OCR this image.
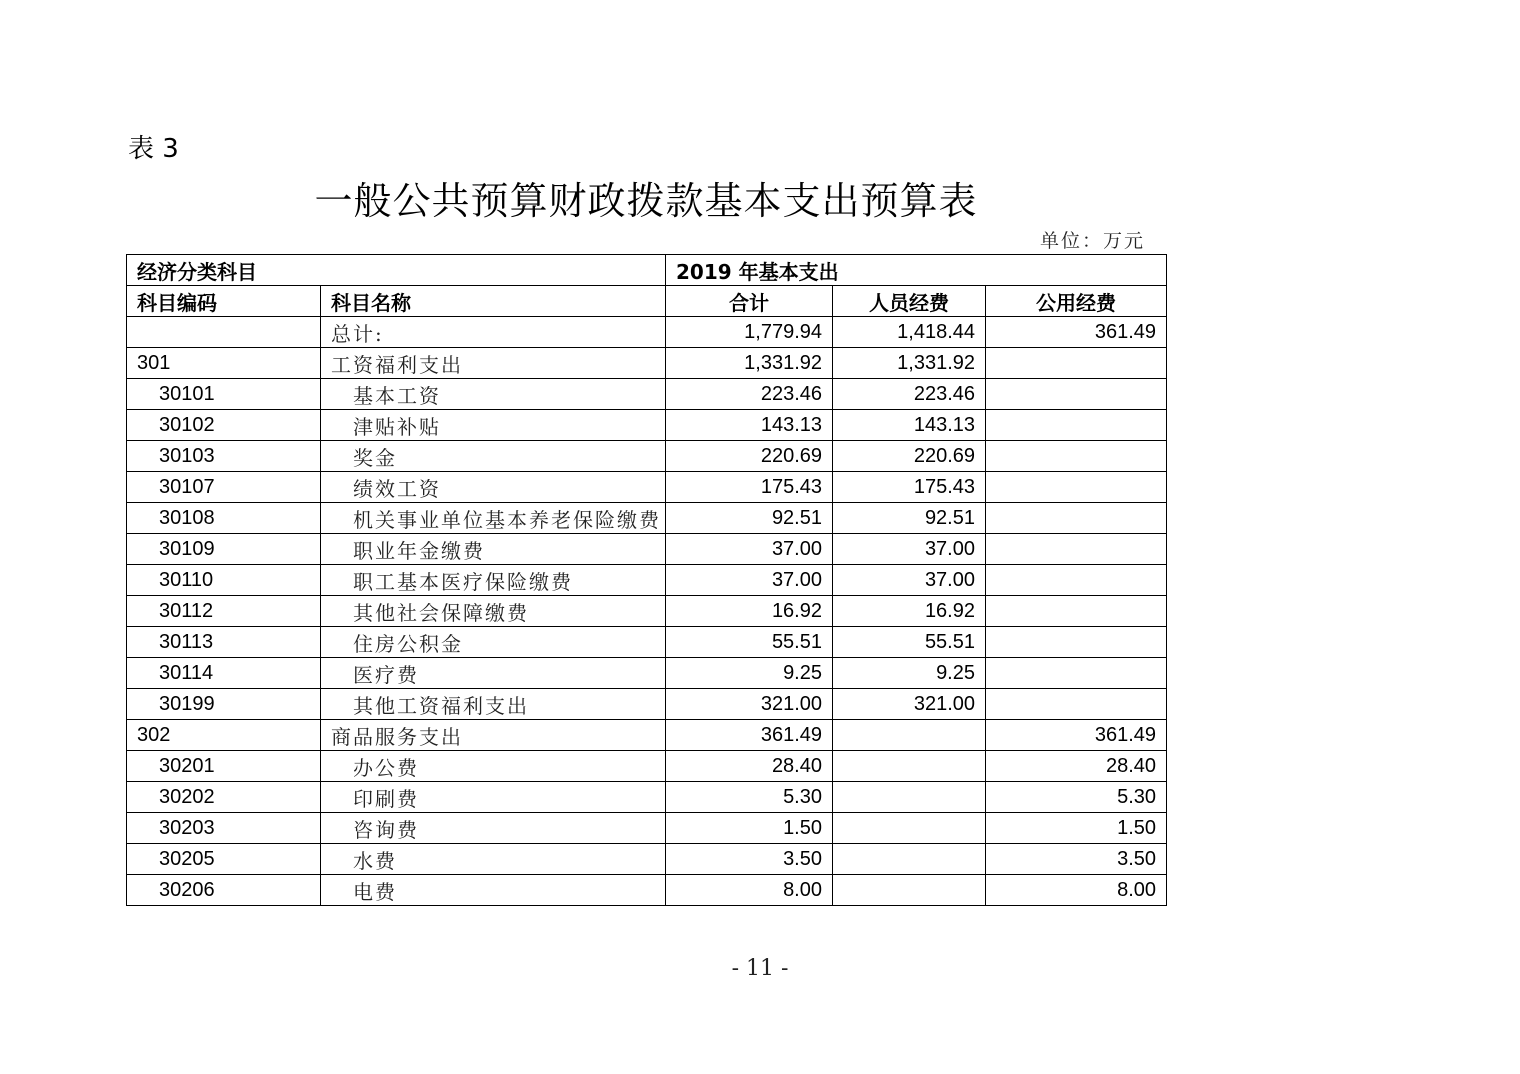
表 3
一般公共预算财政拨款基本支出预算表
单位：万元
经济分类科目		2019 年基本支出		
科目编码	科目名称	合计	人员经费	公用经费
	总计:	1,779.94	1,418.44	361.49
301	工资福利支出	1,331.92	1,331.92	
30101	基本工资	223.46	223.46	
30102	津贴补贴	143.13	143.13	
30103	奖金	220.69	220.69	
30107	绩效工资	175.43	175.43	
30108	机关事业单位基本养老保险缴费	92.51	92.51	
30109	职业年金缴费	37.00	37.00	
30110	职工基本医疗保险缴费	37.00	37.00	
30112	其他社会保障缴费	16.92	16.92	
30113	住房公积金	55.51	55.51	
30114	医疗费	9.25	9.25	
30199	其他工资福利支出	321.00	321.00	
302	商品服务支出	361.49		361.49
30201	办公费	28.40		28.40
30202	印刷费	5.30		5.30
30203	咨询费	1.50		1.50
30205	水费	3.50		3.50
30206	电费	8.00		8.00
- 11 -
